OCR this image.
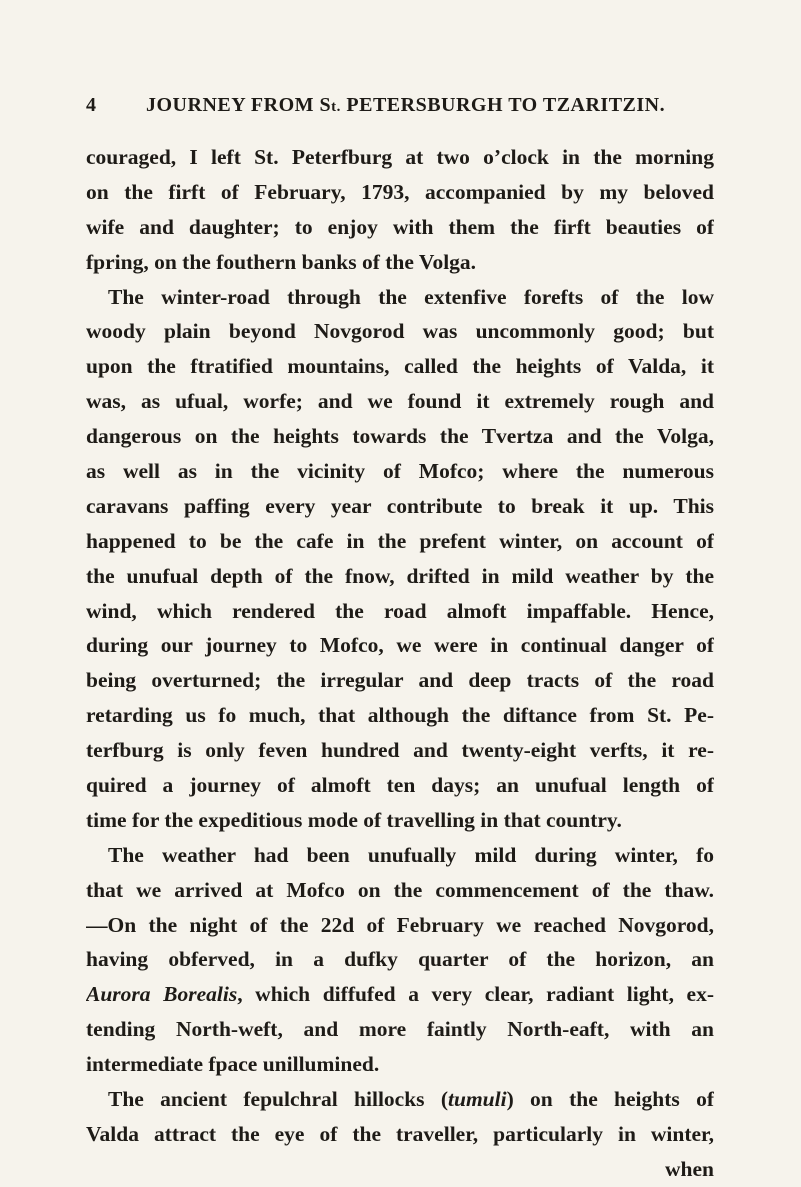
4	JOURNEY FROM St. PETERSBURGH TO TZARITZIN.
couraged, I left St. Peterfburg at two o’clock in the morning
on the firft of February, 1793, accompanied by my beloved
wife and daughter; to enjoy with them the firft beauties of
fpring, on the fouthern banks of the Volga.
The winter-road through the extenfive forefts of the low
woody plain beyond Novgorod was uncommonly good; but
upon the ftratified mountains, called the heights of Valda, it
was, as ufual, worfe; and we found it extremely rough and
dangerous on the heights towards the Tvertza and the Volga,
as well as in the vicinity of Mofco; where the numerous
caravans paffing every year contribute to break it up. This
happened to be the cafe in the prefent winter, on account of
the unufual depth of the fnow, drifted in mild weather by the
wind, which rendered the road almoft impaffable. Hence,
during our journey to Mofco, we were in continual danger of
being overturned; the irregular and deep tracts of the road
retarding us fo much, that although the diftance from St. Pe-
terfburg is only feven hundred and twenty-eight verfts, it re-
quired a journey of almoft ten days; an unufual length of
time for the expeditious mode of travelling in that country.
The weather had been unufually mild during winter, fo
that we arrived at Mofco on the commencement of the thaw.
—On the night of the 22d of February we reached Novgorod,
having obferved, in a dufky quarter of the horizon, an
Aurora Borealis, which diffufed a very clear, radiant light, ex-
tending North-weft, and more faintly North-eaft, with an
intermediate fpace unillumined.
The ancient fepulchral hillocks (tumuli) on the heights of
Valda attract the eye of the traveller, particularly in winter,
when
